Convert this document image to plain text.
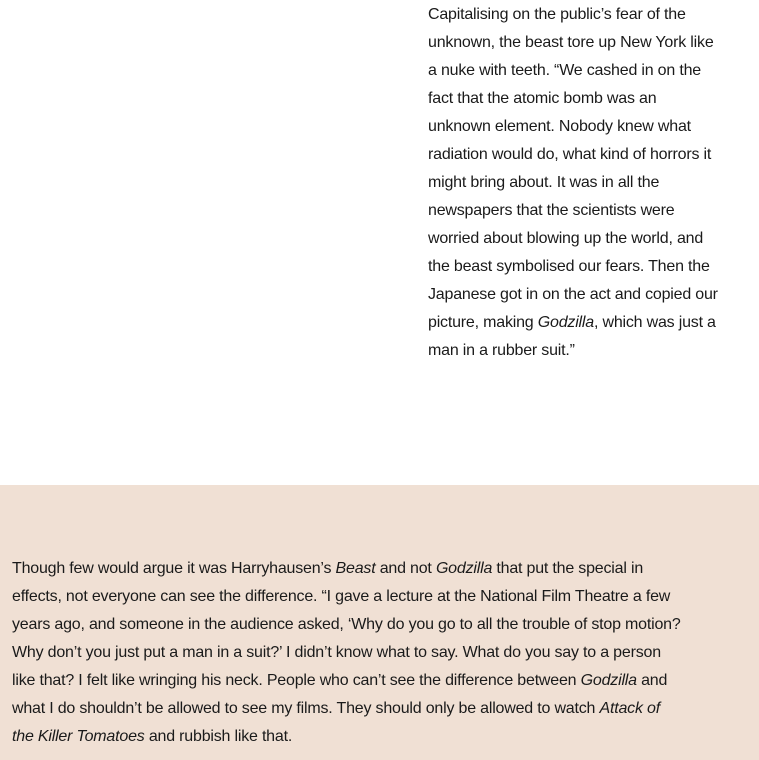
Capitalising on the public’s fear of the
unknown, the beast tore up New York like
a nuke with teeth. “We cashed in on the
fact that the atomic bomb was an
unknown element. Nobody knew what
radiation would do, what kind of horrors it
might bring about. It was in all the
newspapers that the scientists were
worried about blowing up the world, and
the beast symbolised our fears. Then the
Japanese got in on the act and copied our
picture, making Godzilla, which was just a
man in a rubber suit.”

Though few would argue it was Harryhausen’s Beast and not Godzilla that put the special in
effects, not everyone can see the difference. “I gave a lecture at the National Film Theatre a few
years ago, and someone in the audience asked, ‘Why do you go to all the trouble of stop motion?
Why don’t you just put a man in a suit?’ I didn’t know what to say. What do you say to a person
like that? I felt like wringing his neck. People who can’t see the difference between Godzilla and
what I do shouldn’t be allowed to see my films. They should only be allowed to watch Attack of
the Killer Tomatoes and rubbish like that.
